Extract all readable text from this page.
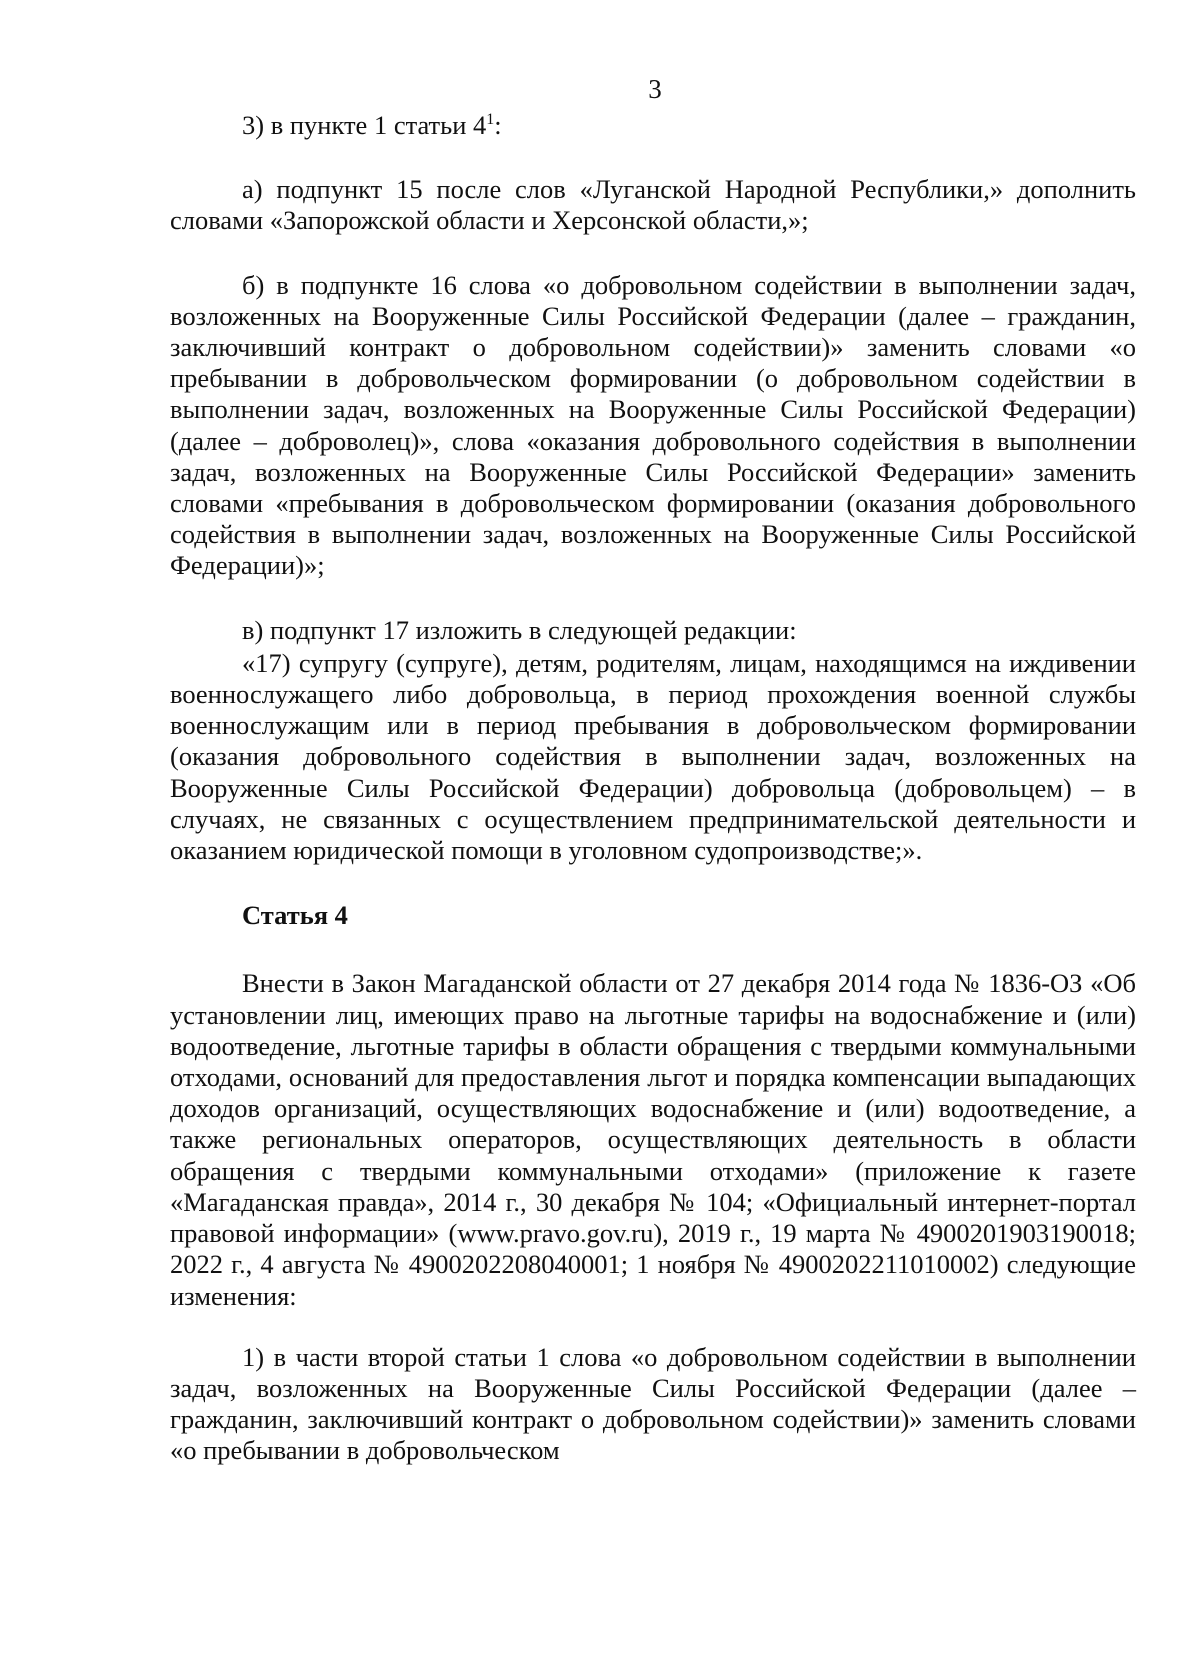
3

3) в пункте 1 статьи $4^1$:

а) подпункт 15 после слов «Луганской Народной Республики,» дополнить словами «Запорожской области и Херсонской области,»;

б) в подпункте 16 слова «о добровольном содействии в выполнении задач, возложенных на Вооруженные Силы Российской Федерации (далее – гражданин, заключивший контракт о добровольном содействии)» заменить словами «о пребывании в добровольческом формировании (о добровольном содействии в выполнении задач, возложенных на Вооруженные Силы Российской Федерации) (далее – доброволец)», слова «оказания добровольного содействия в выполнении задач, возложенных на Вооруженные Силы Российской Федерации» заменить словами «пребывания в добровольческом формировании (оказания добровольного содействия в выполнении задач, возложенных на Вооруженные Силы Российской Федерации)»;

в) подпункт 17 изложить в следующей редакции:

«17) супругу (супруге), детям, родителям, лицам, находящимся на иждивении военнослужащего либо добровольца, в период прохождения военной службы военнослужащим или в период пребывания в добровольческом формировании (оказания добровольного содействия в выполнении задач, возложенных на Вооруженные Силы Российской Федерации) добровольца (добровольцем) – в случаях, не связанных с осуществлением предпринимательской деятельности и оказанием юридической помощи в уголовном судопроизводстве;».

Статья 4

Внести в Закон Магаданской области от 27 декабря 2014 года № 1836-ОЗ «Об установлении лиц, имеющих право на льготные тарифы на водоснабжение и (или) водоотведение, льготные тарифы в области обращения с твердыми коммунальными отходами, оснований для предоставления льгот и порядка компенсации выпадающих доходов организаций, осуществляющих водоснабжение и (или) водоотведение, а также региональных операторов, осуществляющих деятельность в области обращения с твердыми коммунальными отходами» (приложение к газете «Магаданская правда», 2014 г., 30 декабря № 104; «Официальный интернет-портал правовой информации» (www.pravo.gov.ru), 2019 г., 19 марта № 4900201903190018; 2022 г., 4 августа № 4900202208040001; 1 ноября № 4900202211010002) следующие изменения:

1) в части второй статьи 1 слова «о добровольном содействии в выполнении задач, возложенных на Вооруженные Силы Российской Федерации (далее – гражданин, заключивший контракт о добровольном содействии)» заменить словами «о пребывании в добровольческом
